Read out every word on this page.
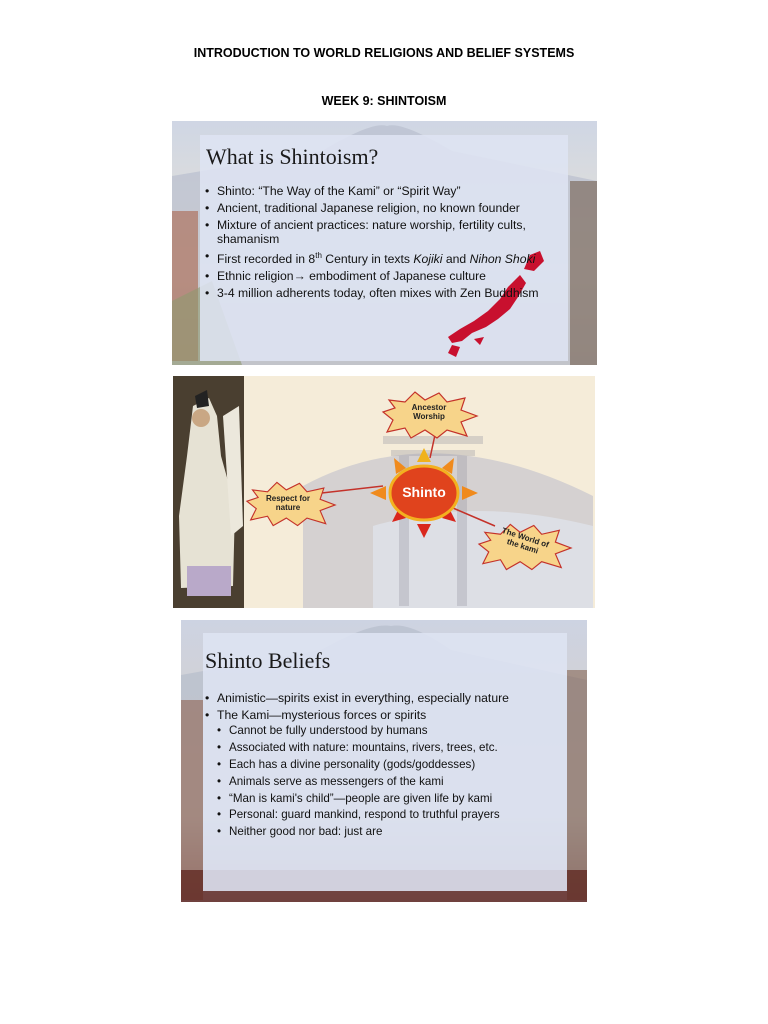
INTRODUCTION TO WORLD RELIGIONS AND BELIEF SYSTEMS
WEEK 9: SHINTOISM
What is Shintoism?
• Shinto: “The Way of the Kami” or “Spirit Way”
• Ancient, traditional Japanese religion, no known founder
• Mixture of ancient practices: nature worship, fertility cults, shamanism
• First recorded in 8th Century in texts Kojiki and Nihon Shoki
• Ethnic religion→ embodiment of Japanese culture
• 3-4 million adherents today, often mixes with Zen Buddhism
Shinto
Ancestor Worship
Respect for nature
The World of the kami
Shinto Beliefs
• Animistic—spirits exist in everything, especially nature
• The Kami—mysterious forces or spirits
• Cannot be fully understood by humans
• Associated with nature: mountains, rivers, trees, etc.
• Each has a divine personality (gods/goddesses)
• Animals serve as messengers of the kami
• “Man is kami's child”—people are given life by kami
• Personal: guard mankind, respond to truthful prayers
• Neither good nor bad: just are
